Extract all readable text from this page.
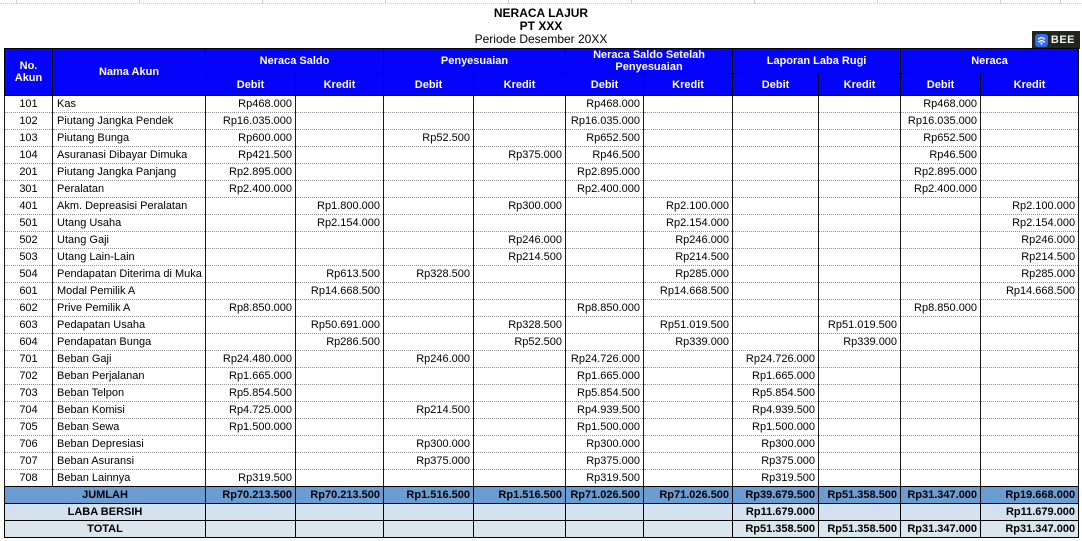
NERACA LAJUR
PT XXX
Periode Desember 20XX	BEE
No. Akun	Nama Akun	Neraca Saldo		Penyesuaian		Neraca Saldo Setelah Penyesuaian		Laporan Laba Rugi		Neraca	
		Debit	Kredit	Debit	Kredit	Debit	Kredit	Debit	Kredit	Debit	Kredit
101	Kas	Rp468.000				Rp468.000				Rp468.000	
102	Piutang Jangka Pendek	Rp16.035.000				Rp16.035.000				Rp16.035.000	
103	Piutang Bunga	Rp600.000		Rp52.500		Rp652.500				Rp652.500	
104	Asuranasi Dibayar Dimuka	Rp421.500			Rp375.000	Rp46.500				Rp46.500	
201	Piutang Jangka Panjang	Rp2.895.000				Rp2.895.000				Rp2.895.000	
301	Peralatan	Rp2.400.000				Rp2.400.000				Rp2.400.000	
401	Akm. Depreasisi Peralatan		Rp1.800.000		Rp300.000		Rp2.100.000				Rp2.100.000
501	Utang Usaha		Rp2.154.000				Rp2.154.000				Rp2.154.000
502	Utang Gaji				Rp246.000		Rp246.000				Rp246.000
503	Utang Lain-Lain				Rp214.500		Rp214.500				Rp214.500
504	Pendapatan Diterima di Muka		Rp613.500	Rp328.500			Rp285.000				Rp285.000
601	Modal Pemilik A		Rp14.668.500				Rp14.668.500				Rp14.668.500
602	Prive Pemilik A	Rp8.850.000				Rp8.850.000				Rp8.850.000	
603	Pedapatan Usaha		Rp50.691.000		Rp328.500		Rp51.019.500		Rp51.019.500		
604	Pendapatan Bunga		Rp286.500		Rp52.500		Rp339.000		Rp339.000		
701	Beban Gaji	Rp24.480.000		Rp246.000		Rp24.726.000		Rp24.726.000			
702	Beban Perjalanan	Rp1.665.000				Rp1.665.000		Rp1.665.000			
703	Beban Telpon	Rp5.854.500				Rp5.854.500		Rp5.854.500			
704	Beban Komisi	Rp4.725.000		Rp214.500		Rp4.939.500		Rp4.939.500			
705	Beban Sewa	Rp1.500.000				Rp1.500.000		Rp1.500.000			
706	Beban Depresiasi			Rp300.000		Rp300.000		Rp300.000			
707	Beban Asuransi			Rp375.000		Rp375.000		Rp375.000			
708	Beban Lainnya	Rp319.500				Rp319.500		Rp319.500			
JUMLAH		Rp70.213.500	Rp70.213.500	Rp1.516.500	Rp1.516.500	Rp71.026.500	Rp71.026.500	Rp39.679.500	Rp51.358.500	Rp31.347.000	Rp19.668.000
LABA BERSIH								Rp11.679.000			Rp11.679.000
TOTAL								Rp51.358.500	Rp51.358.500	Rp31.347.000	Rp31.347.000
